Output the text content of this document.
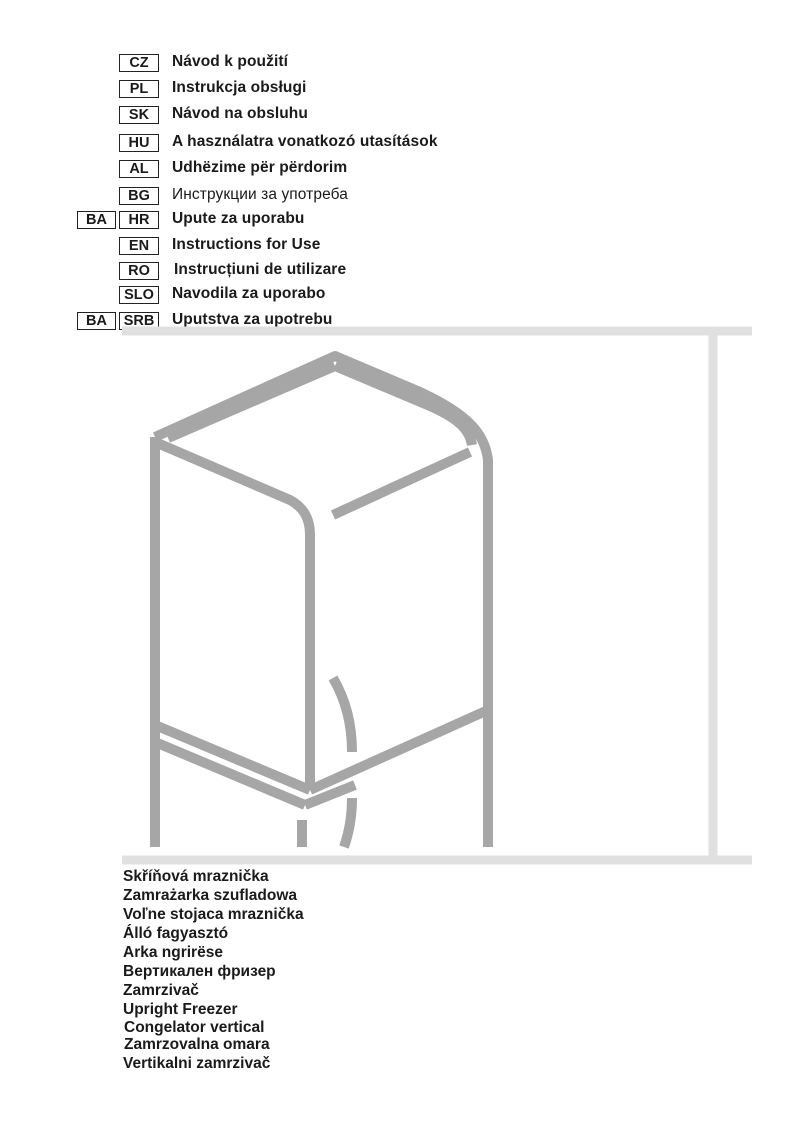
CZ	Návod k použití
PL	Instrukcja obsługi
SK	Návod na obsluhu
HU	A használatra vonatkozó utasítások
AL	Udhëzime për përdorim
BG	Инструкции за употреба
BA	HR	Upute za uporabu
EN	Instructions for Use
RO	Instrucțiuni de utilizare
SLO	Navodila za uporabo
BA	SRB	Uputstva za upotrebu
Skříňová mraznička
Zamrażarka szufladowa
Voľne stojaca mraznička
Álló fagyasztó
Arka ngrirëse
Вертикален фризер
Zamrzivač
Upright Freezer
Congelator vertical
Zamrzovalna omara
Vertikalni zamrzivač
